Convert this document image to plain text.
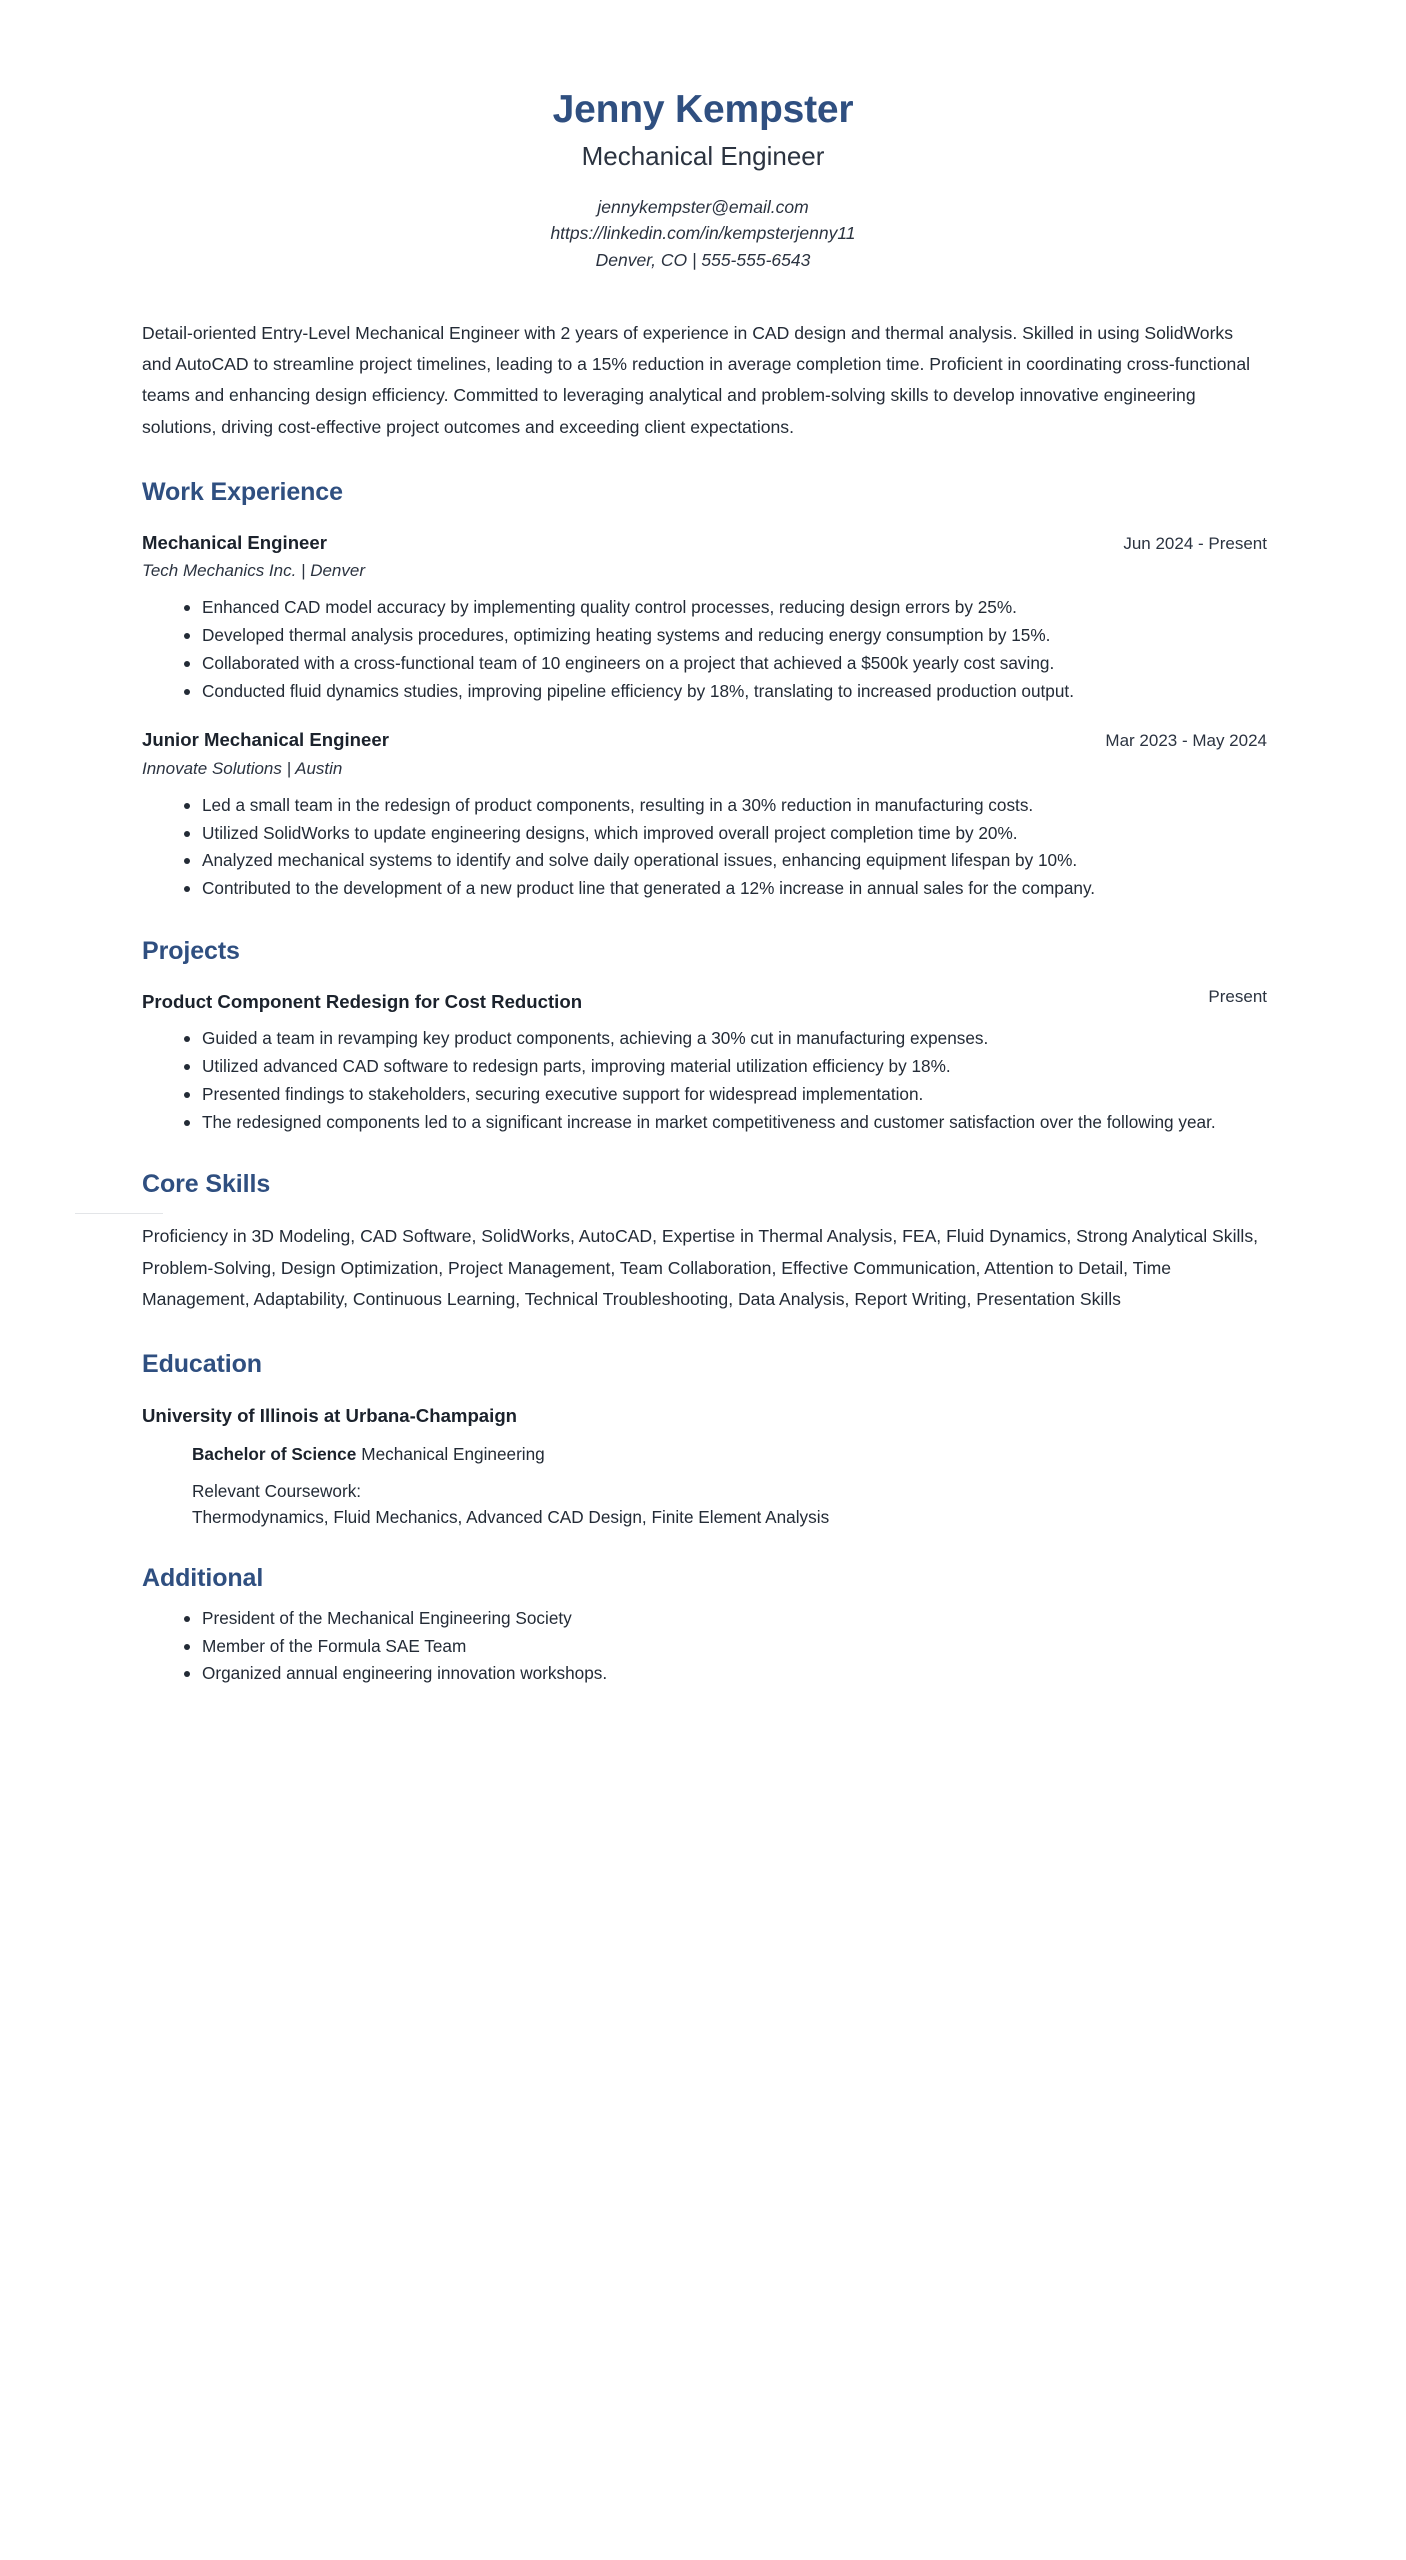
Jenny Kempster
Mechanical Engineer
jennykempster@email.com
https://linkedin.com/in/kempsterjenny11
Denver, CO | 555-555-6543

Detail-oriented Entry-Level Mechanical Engineer with 2 years of experience in CAD design and thermal analysis. Skilled in using SolidWorks and AutoCAD to streamline project timelines, leading to a 15% reduction in average completion time. Proficient in coordinating cross-functional teams and enhancing design efficiency. Committed to leveraging analytical and problem-solving skills to develop innovative engineering solutions, driving cost-effective project outcomes and exceeding client expectations.

Work Experience
Mechanical Engineer	Jun 2024 - Present
Tech Mechanics Inc. | Denver
Enhanced CAD model accuracy by implementing quality control processes, reducing design errors by 25%.
Developed thermal analysis procedures, optimizing heating systems and reducing energy consumption by 15%.
Collaborated with a cross-functional team of 10 engineers on a project that achieved a $500k yearly cost saving.
Conducted fluid dynamics studies, improving pipeline efficiency by 18%, translating to increased production output.
Junior Mechanical Engineer	Mar 2023 - May 2024
Innovate Solutions | Austin
Led a small team in the redesign of product components, resulting in a 30% reduction in manufacturing costs.
Utilized SolidWorks to update engineering designs, which improved overall project completion time by 20%.
Analyzed mechanical systems to identify and solve daily operational issues, enhancing equipment lifespan by 10%.
Contributed to the development of a new product line that generated a 12% increase in annual sales for the company.
Projects
Product Component Redesign for Cost Reduction	Present
Guided a team in revamping key product components, achieving a 30% cut in manufacturing expenses.
Utilized advanced CAD software to redesign parts, improving material utilization efficiency by 18%.
Presented findings to stakeholders, securing executive support for widespread implementation.
The redesigned components led to a significant increase in market competitiveness and customer satisfaction over the following year.
Core Skills
Proficiency in 3D Modeling, CAD Software, SolidWorks, AutoCAD, Expertise in Thermal Analysis, FEA, Fluid Dynamics, Strong Analytical Skills, Problem-Solving, Design Optimization, Project Management, Team Collaboration, Effective Communication, Attention to Detail, Time Management, Adaptability, Continuous Learning, Technical Troubleshooting, Data Analysis, Report Writing, Presentation Skills
Education
University of Illinois at Urbana-Champaign
Bachelor of Science Mechanical Engineering
Relevant Coursework:
Thermodynamics, Fluid Mechanics, Advanced CAD Design, Finite Element Analysis
Additional
President of the Mechanical Engineering Society
Member of the Formula SAE Team
Organized annual engineering innovation workshops.
